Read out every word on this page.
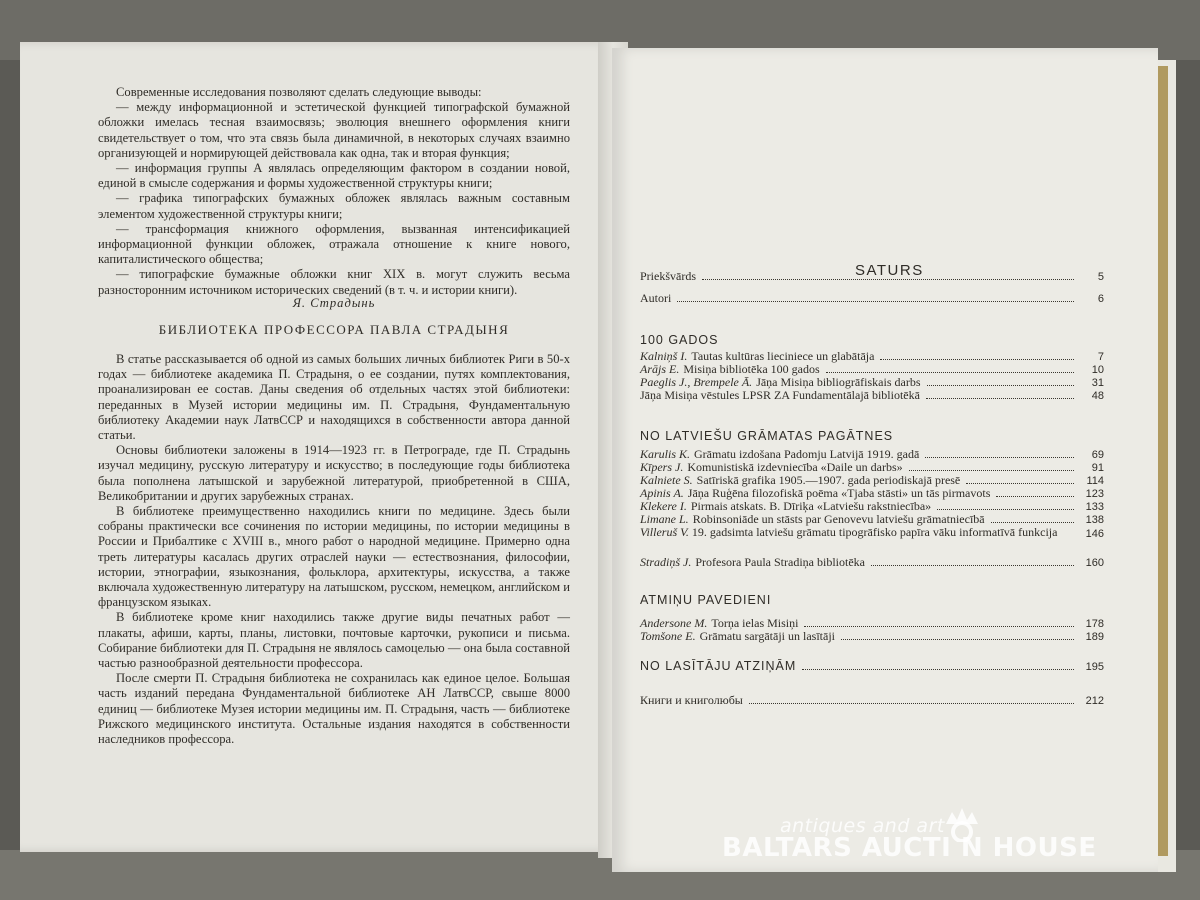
Современные исследования позволяют сделать следующие выводы:

— между информационной и эстетической функцией типографской бумажной обложки имелась тесная взаимосвязь; эволюция внешнего оформления книги свидетельствует о том, что эта связь была динамичной, в некоторых случаях взаимно организующей и нормирующей действовала как одна, так и вторая функция;

— информация группы А являлась определяющим фактором в создании новой, единой в смысле содержания и формы художественной структуры книги;

— графика типографских бумажных обложек являлась важным составным элементом художественной структуры книги;

— трансформация книжного оформления, вызванная интенсификацией информационной функции обложек, отражала отношение к книге нового, капиталистического общества;

— типографские бумажные обложки книг XIX в. могут служить весьма разносторонним источником исторических сведений (в т. ч. и истории книги).

Я. Страдынь
БИБЛИОТЕКА ПРОФЕССОРА ПАВЛА СТРАДЫНЯ

В статье рассказывается об одной из самых больших личных библиотек Риги в 50-х годах — библиотеке академика П. Страдыня, о ее создании, путях комплектования, проанализирован ее состав. Даны сведения об отдельных частях этой библиотеки: переданных в Музей истории медицины им. П. Страдыня, Фундаментальную библиотеку Академии наук ЛатвССР и находящихся в собственности автора данной статьи.

Основы библиотеки заложены в 1914—1923 гг. в Петрограде, где П. Страдынь изучал медицину, русскую литературу и искусство; в последующие годы библиотека была пополнена латышской и зарубежной литературой, приобретенной в США, Великобритании и других зарубежных странах.

В библиотеке преимущественно находились книги по медицине. Здесь были собраны практически все сочинения по истории медицины, по истории медицины в России и Прибалтике с XVIII в., много работ о народной медицине. Примерно одна треть литературы касалась других отраслей науки — естествознания, философии, истории, этнографии, языкознания, фольклора, архитектуры, искусства, а также включала художественную литературу на латышском, русском, немецком, английском и французском языках.

В библиотеке кроме книг находились также другие виды печатных работ — плакаты, афиши, карты, планы, листовки, почтовые карточки, рукописи и письма. Собирание библиотеки для П. Страдыня не являлось самоцелью — она была составной частью разнообразной деятельности профессора.

После смерти П. Страдыня библиотека не сохранилась как единое целое. Большая часть изданий передана Фундаментальной библиотеке АН ЛатвССР, свыше 8000 единиц — библиотеке Музея истории медицины им. П. Страдыня, часть — библиотеке Рижского медицинского института. Остальные издания находятся в собственности наследников профессора.

SATURS
Priekšvārds	5
Autori	6
100 GADOS
Kalniņš I. Tautas kultūras lieciniece un glabātāja	7
Arājs E. Misiņa bibliotēka 100 gados	10
Paeglis J., Brempele Ā. Jāņa Misiņa bibliogrāfiskais darbs	31
Jāņa Misiņa vēstules LPSR ZA Fundamentālajā bibliotēkā	48
NO LATVIEŠU GRĀMATAS PAGĀTNES
Karulis K. Grāmatu izdošana Padomju Latvijā 1919. gadā	69
Kīpers J. Komunistiskā izdevniecība «Daile un darbs»	91
Kalniete S. Satīriskā grafika 1905.—1907. gada periodiskajā presē	114
Apinis A. Jāņa Ruģēna filozofiskā poēma «Tjaba stāsti» un tās pirmavots	123
Klekere I. Pirmais atskats. B. Dīriķa «Latviešu rakstniecība»	133
Limane L. Robinsoniāde un stāsts par Genovevu latviešu grāmatniecībā	138
Villeruš V. 19. gadsimta latviešu grāmatu tipogrāfisko papīra vāku informatīvā funkcija	146
Stradiņš J. Profesora Paula Stradiņa bibliotēka	160
ATMIŅU PAVEDIENI
Andersone M. Torņa ielas Misiņi	178
Tomšone E. Grāmatu sargātāji un lasītāji	189
NO LASĪTĀJU ATZIŅĀM	195
Книги и книголюбы	212
antiques and art
BALTARS AUCTI N HOUSE
